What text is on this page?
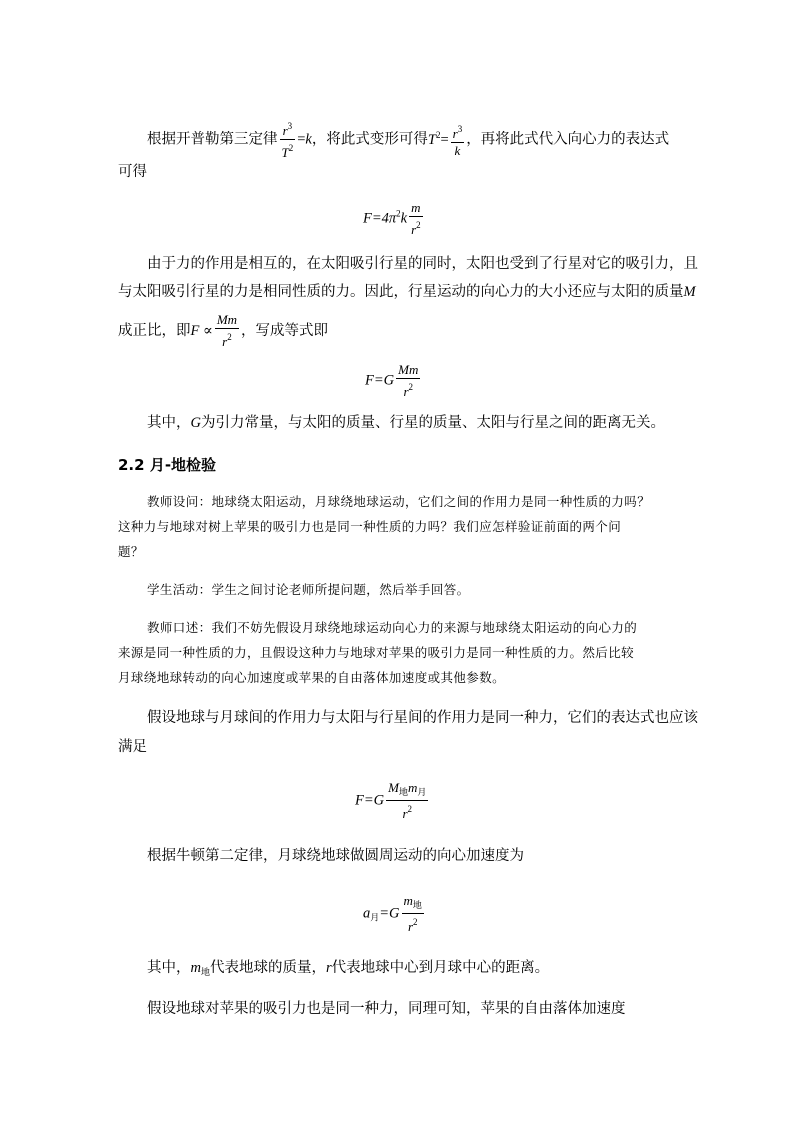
根据开普勒第三定律 $\frac{r^3}{T^2} =k$，将此式变形可得$T^2= \frac{r^3}{k}$ ，再将此式代入向心力的表达式
可得
$F=4\pi^2k \frac{m}{r^2}$
由于力的作用是相互的，在太阳吸引行星的同时，太阳也受到了行星对它的吸引力，且
与太阳吸引行星的力是相同性质的力。因此，行星运动的向心力的大小还应与太阳的质量M
成正比，即$F \propto \frac{Mm}{r^2}$ ，写成等式即
$F=G \frac{Mm}{r^2}$
其中，G为引力常量，与太阳的质量、行星的质量、太阳与行星之间的距离无关。
2.2 月-地检验
教师设问：地球绕太阳运动，月球绕地球运动，它们之间的作用力是同一种性质的力吗？
这种力与地球对树上苹果的吸引力也是同一种性质的力吗？我们应怎样验证前面的两个问
题？
学生活动：学生之间讨论老师所提问题，然后举手回答。
教师口述：我们不妨先假设月球绕地球运动向心力的来源与地球绕太阳运动的向心力的
来源是同一种性质的力，且假设这种力与地球对苹果的吸引力是同一种性质的力。然后比较
月球绕地球转动的向心加速度或苹果的自由落体加速度或其他参数。
假设地球与月球间的作用力与太阳与行星间的作用力是同一种力，它们的表达式也应该
满足
$F=G \frac{M_地m_月}{r^2}$
根据牛顿第二定律，月球绕地球做圆周运动的向心加速度为
$a_月=G \frac{m_地}{r^2}$
其中，$m_地$代表地球的质量，r代表地球中心到月球中心的距离。
假设地球对苹果的吸引力也是同一种力，同理可知，苹果的自由落体加速度
